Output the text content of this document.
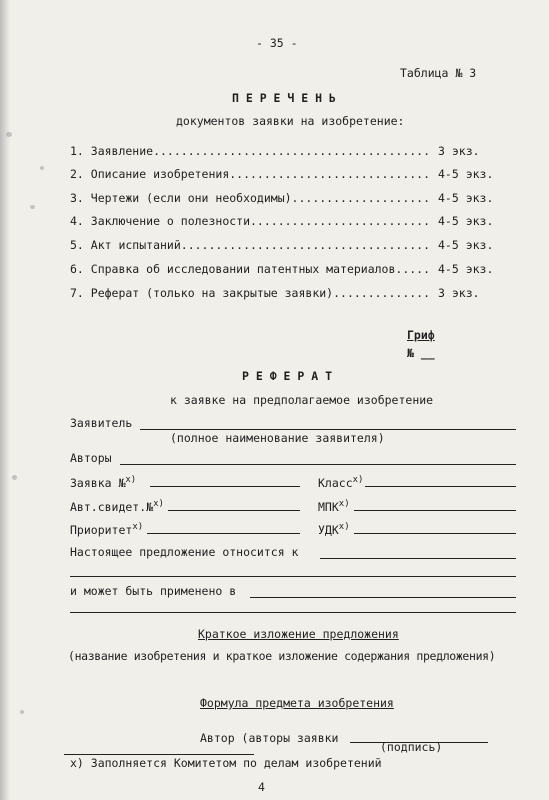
- 35 -
Таблица № 3
П Е Р Е Ч Е Н Ь
документов заявки на изобретение:
1. Заявление........................................ 3 экз.
2. Описание изобретения............................. 4-5 экз.
3. Чертежи (если они необходимы).................... 4-5 экз.
4. Заключение о полезности.......................... 4-5 экз.
5. Акт испытаний.................................... 4-5 экз.
6. Справка об исследовании патентных материалов..... 4-5 экз.
7. Реферат (только на закрытые заявки).............. 3 экз.
Гриф
№ __
Р Е Ф Е Р А Т
к заявке на предполагаемое изобретение
Заявитель
(полное наименование заявителя)
Авторы
Заявка №$^{x)}$	Класс$^{x)}$
Авт.свидет.№$^{x)}$	МПК$^{x)}$
Приоритет$^{x)}$	УДК$^{x)}$
Настоящее предложение относится к
и может быть применено в
Краткое изложение предложения
(название изобретения и краткое изложение содержания предложения)
Формула предмета изобретения
Автор (авторы заявки
(подпись)
x) Заполняется Комитетом по делам изобретений
4
